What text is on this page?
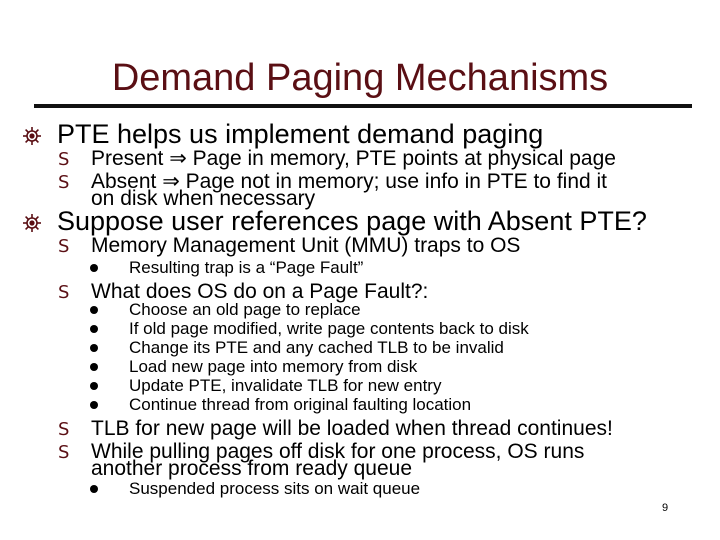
Demand Paging Mechanisms
PTE helps us implement demand paging
S Present ⇒ Page in memory, PTE points at physical page
S Absent ⇒ Page not in memory; use info in PTE to find it
on disk when necessary
Suppose user references page with Absent PTE?
S Memory Management Unit (MMU) traps to OS
Resulting trap is a “Page Fault”
S What does OS do on a Page Fault?:
Choose an old page to replace
If old page modified, write page contents back to disk
Change its PTE and any cached TLB to be invalid
Load new page into memory from disk
Update PTE, invalidate TLB for new entry
Continue thread from original faulting location
S TLB for new page will be loaded when thread continues!
S While pulling pages off disk for one process, OS runs
another process from ready queue
Suspended process sits on wait queue
9
